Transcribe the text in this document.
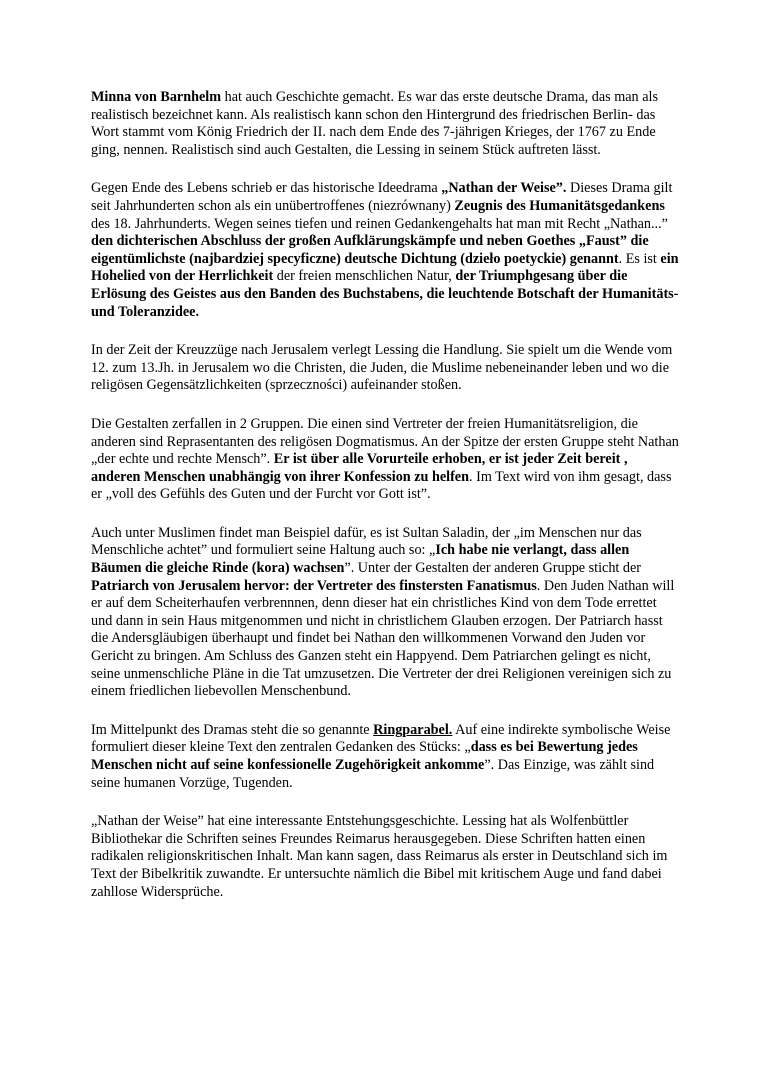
Minna von Barnhelm hat auch Geschichte gemacht. Es war das erste deutsche Drama, das man als realistisch bezeichnet kann. Als realistisch kann schon den Hintergrund des friedrischen Berlin- das Wort stammt vom König Friedrich der II. nach dem Ende des 7-jährigen Krieges, der 1767 zu Ende ging, nennen. Realistisch sind auch Gestalten, die Lessing in seinem Stück auftreten lässt.

Gegen Ende des Lebens schrieb er das historische Ideedrama „Nathan der Weise”. Dieses Drama gilt seit Jahrhunderten schon als ein unübertroffenes (niezrównany) Zeugnis des Humanitätsgedankens des 18. Jahrhunderts. Wegen seines tiefen und reinen Gedankengehalts hat man mit Recht „Nathan...” den dichterischen Abschluss der großen Aufklärungskämpfe und neben Goethes „Faust” die eigentümlichste (najbardziej specyficzne) deutsche Dichtung (dzieło poetyckie) genannt. Es ist ein Hohelied von der Herrlichkeit der freien menschlichen Natur, der Triumphgesang über die Erlösung des Geistes aus den Banden des Buchstabens, die leuchtende Botschaft der Humanitäts- und Toleranzidee.

In der Zeit der Kreuzzüge nach Jerusalem verlegt Lessing die Handlung. Sie spielt um die Wende vom 12. zum 13.Jh. in Jerusalem wo die Christen, die Juden, die Muslime nebeneinander leben und wo die religösen Gegensätzlichkeiten (sprzeczności) aufeinander stoßen.

Die Gestalten zerfallen in 2 Gruppen. Die einen sind Vertreter der freien Humanitätsreligion, die anderen sind Reprasentanten des religösen Dogmatismus. An der Spitze der ersten Gruppe steht Nathan „der echte und rechte Mensch”. Er ist über alle Vorurteile erhoben, er ist jeder Zeit bereit , anderen Menschen unabhängig von ihrer Konfession zu helfen. Im Text wird von ihm gesagt, dass er „voll des Gefühls des Guten und der Furcht vor Gott ist”.

Auch unter Muslimen findet man Beispiel dafür, es ist Sultan Saladin, der „im Menschen nur das Menschliche achtet” und formuliert seine Haltung auch so: „Ich habe nie verlangt, dass allen Bäumen die gleiche Rinde (kora) wachsen”. Unter der Gestalten der anderen Gruppe sticht der Patriarch von Jerusalem hervor: der Vertreter des finstersten Fanatismus. Den Juden Nathan will er auf dem Scheiterhaufen verbrennnen, denn dieser hat ein christliches Kind von dem Tode errettet und dann in sein Haus mitgenommen und nicht in christlichem Glauben erzogen. Der Patriarch hasst die Andersgläubigen überhaupt und findet bei Nathan den willkommenen Vorwand den Juden vor Gericht zu bringen. Am Schluss des Ganzen steht ein Happyend. Dem Patriarchen gelingt es nicht, seine unmenschliche Pläne in die Tat umzusetzen. Die Vertreter der drei Religionen vereinigen sich zu einem friedlichen liebevollen Menschenbund.

Im Mittelpunkt des Dramas steht die so genannte Ringparabel. Auf eine indirekte symbolische Weise formuliert dieser kleine Text den zentralen Gedanken des Stücks: „dass es bei Bewertung jedes Menschen nicht auf seine konfessionelle Zugehörigkeit ankomme”. Das Einzige, was zählt sind seine humanen Vorzüge, Tugenden.

„Nathan der Weise” hat eine interessante Entstehungsgeschichte. Lessing hat als Wolfenbüttler Bibliothekar die Schriften seines Freundes Reimarus herausgegeben. Diese Schriften hatten einen radikalen religionskritischen Inhalt. Man kann sagen, dass Reimarus als erster in Deutschland sich im Text der Bibelkritik zuwandte. Er untersuchte nämlich die Bibel mit kritischem Auge und fand dabei zahllose Widersprüche.
